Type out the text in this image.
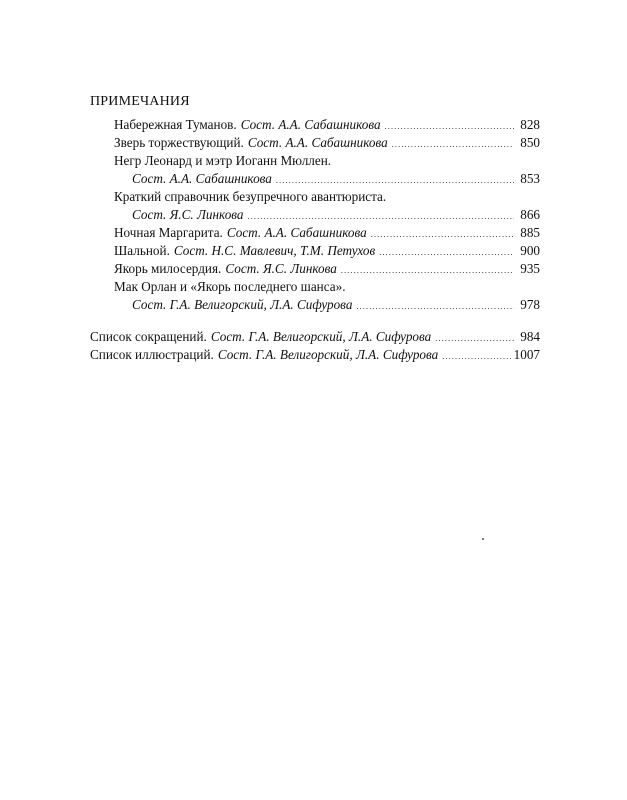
ПРИМЕЧАНИЯ
Набережная Туманов. Сост. А.А. Сабашникова .....	828
Зверь торжествующий. Сост. А.А. Сабашникова .....	850
Негр Леонард и мэтр Иоганн Мюллен.
Сост. А.А. Сабашникова .....	853
Краткий справочник безупречного авантюриста.
Сост. Я.С. Линкова .....	866
Ночная Маргарита. Сост. А.А. Сабашникова .....	885
Шальной. Сост. Н.С. Мавлевич, Т.М. Петухов .....	900
Якорь милосердия. Сост. Я.С. Линкова .....	935
Мак Орлан и «Якорь последнего шанса».
Сост. Г.А. Велигорский, Л.А. Сифурова .....	978
Список сокращений. Сост. Г.А. Велигорский, Л.А. Сифурова .....	984
Список иллюстраций. Сост. Г.А. Велигорский, Л.А. Сифурова .....	1007
